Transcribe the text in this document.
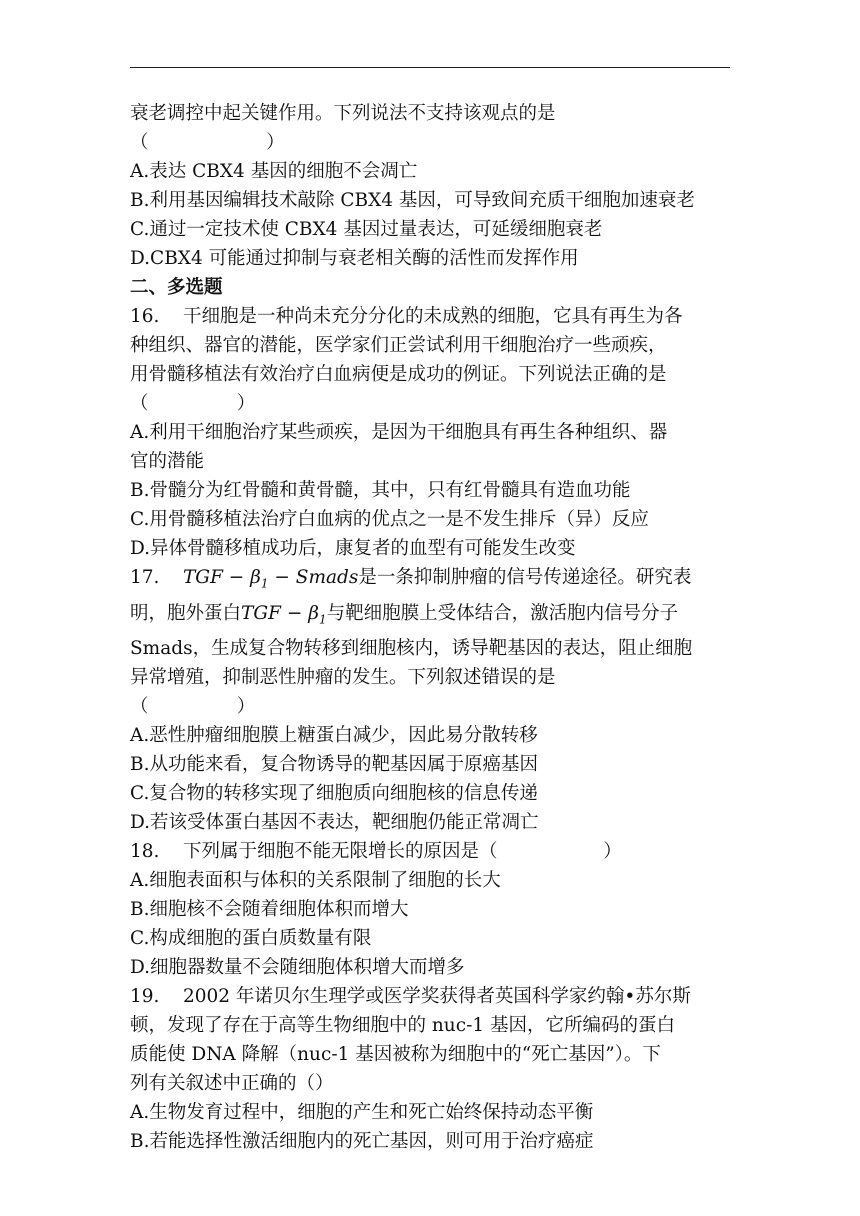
衰老调控中起关键作用。下列说法不支持该观点的是

（                    ）

A.表达 CBX4 基因的细胞不会凋亡

B.利用基因编辑技术敲除 CBX4 基因，可导致间充质干细胞加速衰老

C.通过一定技术使 CBX4 基因过量表达，可延缓细胞衰老

D.CBX4 可能通过抑制与衰老相关酶的活性而发挥作用

二、多选题

16.    干细胞是一种尚未充分分化的未成熟的细胞，它具有再生为各

种组织、器官的潜能，医学家们正尝试利用干细胞治疗一些顽疾，

用骨髓移植法有效治疗白血病便是成功的例证。下列说法正确的是

（               ）

A.利用干细胞治疗某些顽疾，是因为干细胞具有再生各种组织、器

官的潜能

B.骨髓分为红骨髓和黄骨髓，其中，只有红骨髓具有造血功能

C.用骨髓移植法治疗白血病的优点之一是不发生排斥（异）反应

D.异体骨髓移植成功后，康复者的血型有可能发生改变

17.    TGF − $\beta_1$ − Smads是一条抑制肿瘤的信号传递途径。研究表

明，胞外蛋白TGF − $\beta_1$与靶细胞膜上受体结合，激活胞内信号分子

Smads，生成复合物转移到细胞核内，诱导靶基因的表达，阻止细胞

异常增殖，抑制恶性肿瘤的发生。下列叙述错误的是

（               ）

A.恶性肿瘤细胞膜上糖蛋白减少，因此易分散转移

B.从功能来看，复合物诱导的靶基因属于原癌基因

C.复合物的转移实现了细胞质向细胞核的信息传递

D.若该受体蛋白基因不表达，靶细胞仍能正常凋亡

18.    下列属于细胞不能无限增长的原因是（                  ）

A.细胞表面积与体积的关系限制了细胞的长大

B.细胞核不会随着细胞体积而增大

C.构成细胞的蛋白质数量有限

D.细胞器数量不会随细胞体积增大而增多

19.    2002 年诺贝尔生理学或医学奖获得者英国科学家约翰•苏尔斯

顿，发现了存在于高等生物细胞中的 nuc-1 基因，它所编码的蛋白

质能使 DNA 降解（nuc-1 基因被称为细胞中的“死亡基因”）。下

列有关叙述中正确的（）

A.生物发育过程中，细胞的产生和死亡始终保持动态平衡

B.若能选择性激活细胞内的死亡基因，则可用于治疗癌症
